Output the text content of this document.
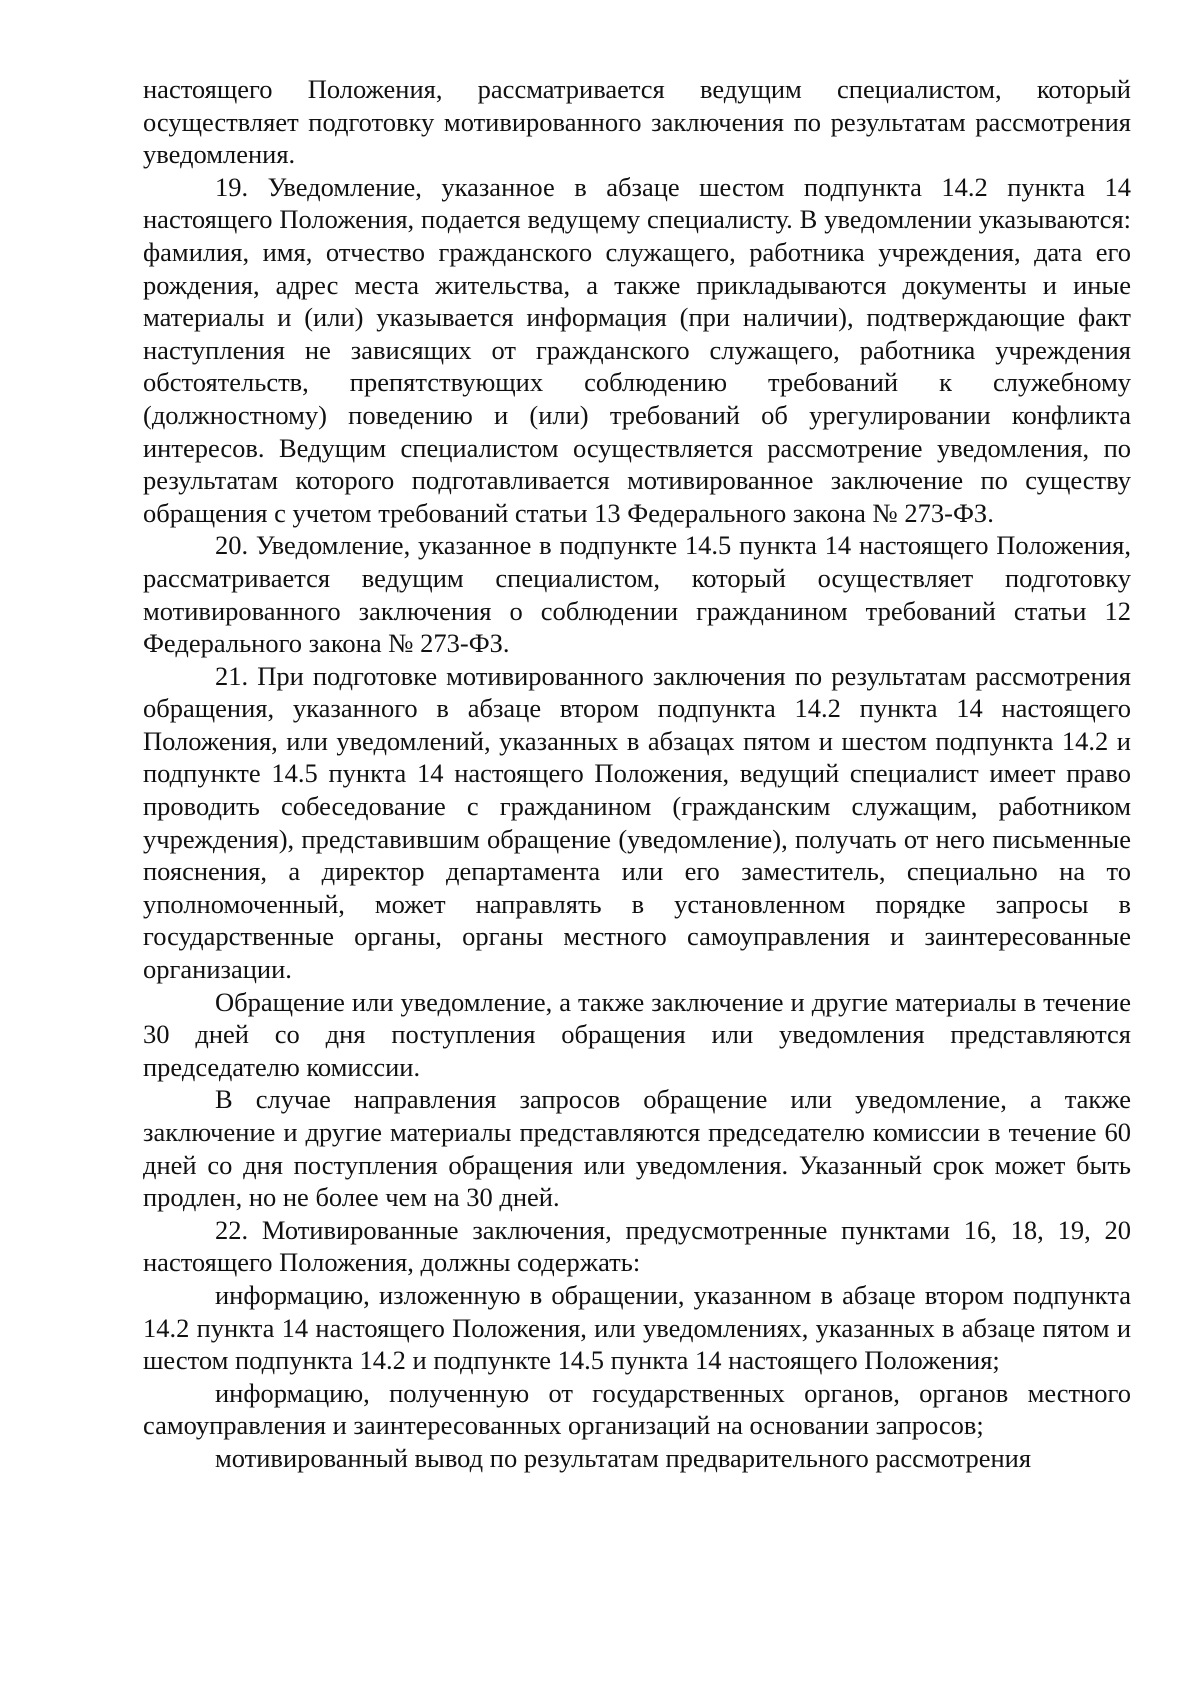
настоящего Положения, рассматривается ведущим специалистом, который осуществляет подготовку мотивированного заключения по результатам рассмотрения уведомления.

19. Уведомление, указанное в абзаце шестом подпункта 14.2 пункта 14 настоящего Положения, подается ведущему специалисту. В уведомлении указываются: фамилия, имя, отчество гражданского служащего, работника учреждения, дата его рождения, адрес места жительства, а также прикладываются документы и иные материалы и (или) указывается информация (при наличии), подтверждающие факт наступления не зависящих от гражданского служащего, работника учреждения обстоятельств, препятствующих соблюдению требований к служебному (должностному) поведению и (или) требований об урегулировании конфликта интересов. Ведущим специалистом осуществляется рассмотрение уведомления, по результатам которого подготавливается мотивированное заключение по существу обращения с учетом требований статьи 13 Федерального закона № 273-ФЗ.

20. Уведомление, указанное в подпункте 14.5 пункта 14 настоящего Положения, рассматривается ведущим специалистом, который осуществляет подготовку мотивированного заключения о соблюдении гражданином требований статьи 12 Федерального закона № 273-ФЗ.

21. При подготовке мотивированного заключения по результатам рассмотрения обращения, указанного в абзаце втором подпункта 14.2 пункта 14 настоящего Положения, или уведомлений, указанных в абзацах пятом и шестом подпункта 14.2 и подпункте 14.5 пункта 14 настоящего Положения, ведущий специалист имеет право проводить собеседование с гражданином (гражданским служащим, работником учреждения), представившим обращение (уведомление), получать от него письменные пояснения, а директор департамента или его заместитель, специально на то уполномоченный, может направлять в установленном порядке запросы в государственные органы, органы местного самоуправления и заинтересованные организации.

Обращение или уведомление, а также заключение и другие материалы в течение 30 дней со дня поступления обращения или уведомления представляются председателю комиссии.

В случае направления запросов обращение или уведомление, а также заключение и другие материалы представляются председателю комиссии в течение 60 дней со дня поступления обращения или уведомления. Указанный срок может быть продлен, но не более чем на 30 дней.

22. Мотивированные заключения, предусмотренные пунктами 16, 18, 19, 20 настоящего Положения, должны содержать:

информацию, изложенную в обращении, указанном в абзаце втором подпункта 14.2 пункта 14 настоящего Положения, или уведомлениях, указанных в абзаце пятом и шестом подпункта 14.2 и подпункте 14.5 пункта 14 настоящего Положения;

информацию, полученную от государственных органов, органов местного самоуправления и заинтересованных организаций на основании запросов;

мотивированный вывод по результатам предварительного рассмотрения
